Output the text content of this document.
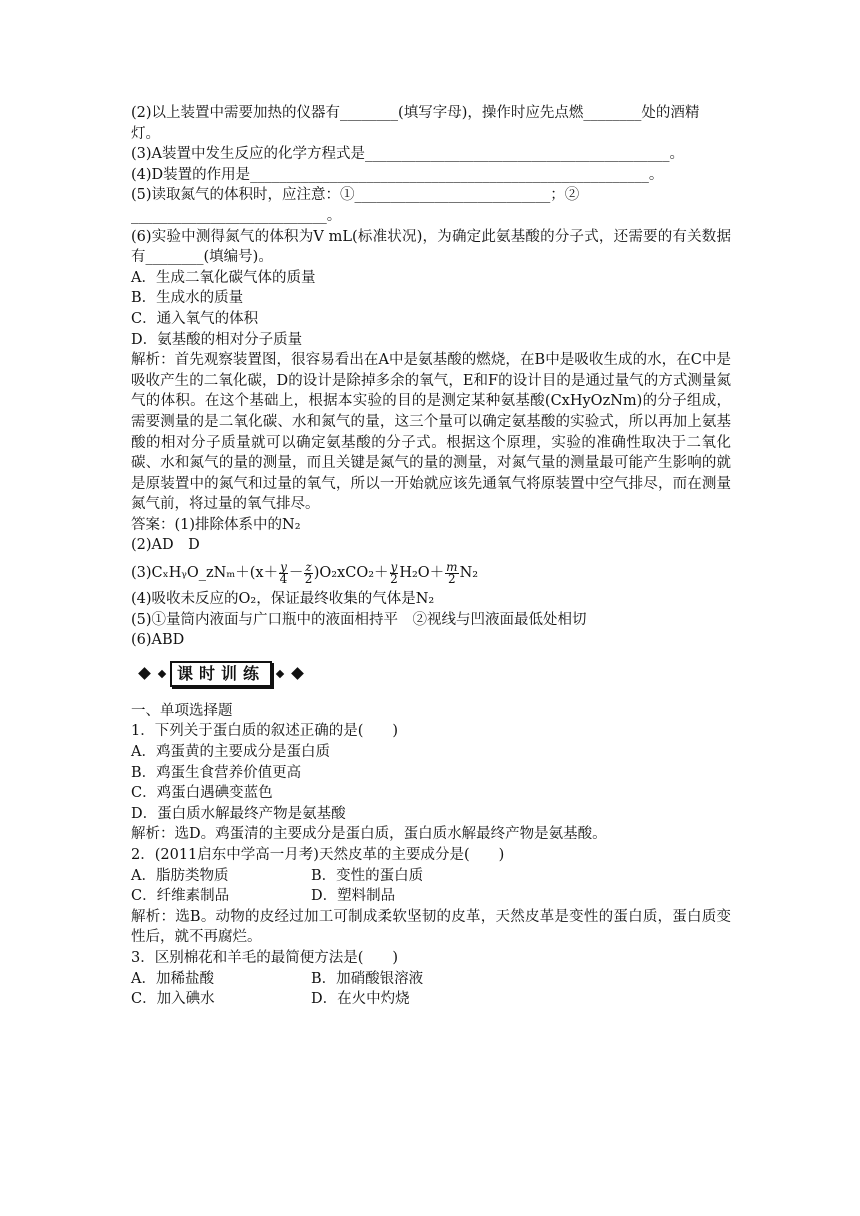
(2)以上装置中需要加热的仪器有________(填写字母)，操作时应先点燃________处的酒精
灯。
(3)A装置中发生反应的化学方程式是__________________________________________。
(4)D装置的作用是_______________________________________________________。
(5)读取氮气的体积时，应注意：①___________________________；②
___________________________。
(6)实验中测得氮气的体积为V mL(标准状况)，为确定此氨基酸的分子式，还需要的有关数据有________(填编号)。
A．生成二氧化碳气体的质量
B．生成水的质量
C．通入氧气的体积
D．氨基酸的相对分子质量
解析：首先观察装置图，很容易看出在A中是氨基酸的燃烧，在B中是吸收生成的水，在C中是吸收产生的二氧化碳，D的设计是除掉多余的氧气，E和F的设计目的是通过量气的方式测量氮气的体积。在这个基础上，根据本实验的目的是测定某种氨基酸(CxHyOzNm)的分子组成，需要测量的是二氧化碳、水和氮气的量，这三个量可以确定氨基酸的实验式，所以再加上氨基酸的相对分子质量就可以确定氨基酸的分子式。根据这个原理，实验的准确性取决于二氧化碳、水和氮气的量的测量，而且关键是氮气的量的测量，对氮气量的测量最可能产生影响的就是原装置中的氮气和过量的氧气，所以一开始就应该先通氧气将原装置中空气排尽，而在测量氮气前，将过量的氧气排尽。
答案：(1)排除体系中的N₂
(2)AD　D
(3)CₓHᵧO_zNₘ＋(x＋ $\frac{y}{4} - \frac{z}{2} )O_2xCO_2+ \frac{y}{2} H_2O+ \frac{m}{2} N_2$
(4)吸收未反应的O₂，保证最终收集的气体是N₂
(5)①量筒内液面与广口瓶中的液面相持平　②视线与凹液面最低处相切
(6)ABD
课时训练
一、单项选择题
1．下列关于蛋白质的叙述正确的是(　　)
A．鸡蛋黄的主要成分是蛋白质
B．鸡蛋生食营养价值更高
C．鸡蛋白遇碘变蓝色
D．蛋白质水解最终产物是氨基酸
解析：选D。鸡蛋清的主要成分是蛋白质，蛋白质水解最终产物是氨基酸。
2．(2011启东中学高一月考)天然皮革的主要成分是(　　)
A．脂肪类物质	B．变性的蛋白质
C．纤维素制品	D．塑料制品
解析：选B。动物的皮经过加工可制成柔软坚韧的皮革，天然皮革是变性的蛋白质，蛋白质变性后，就不再腐烂。
3．区别棉花和羊毛的最简便方法是(　　)
A．加稀盐酸	B．加硝酸银溶液
C．加入碘水	D．在火中灼烧
